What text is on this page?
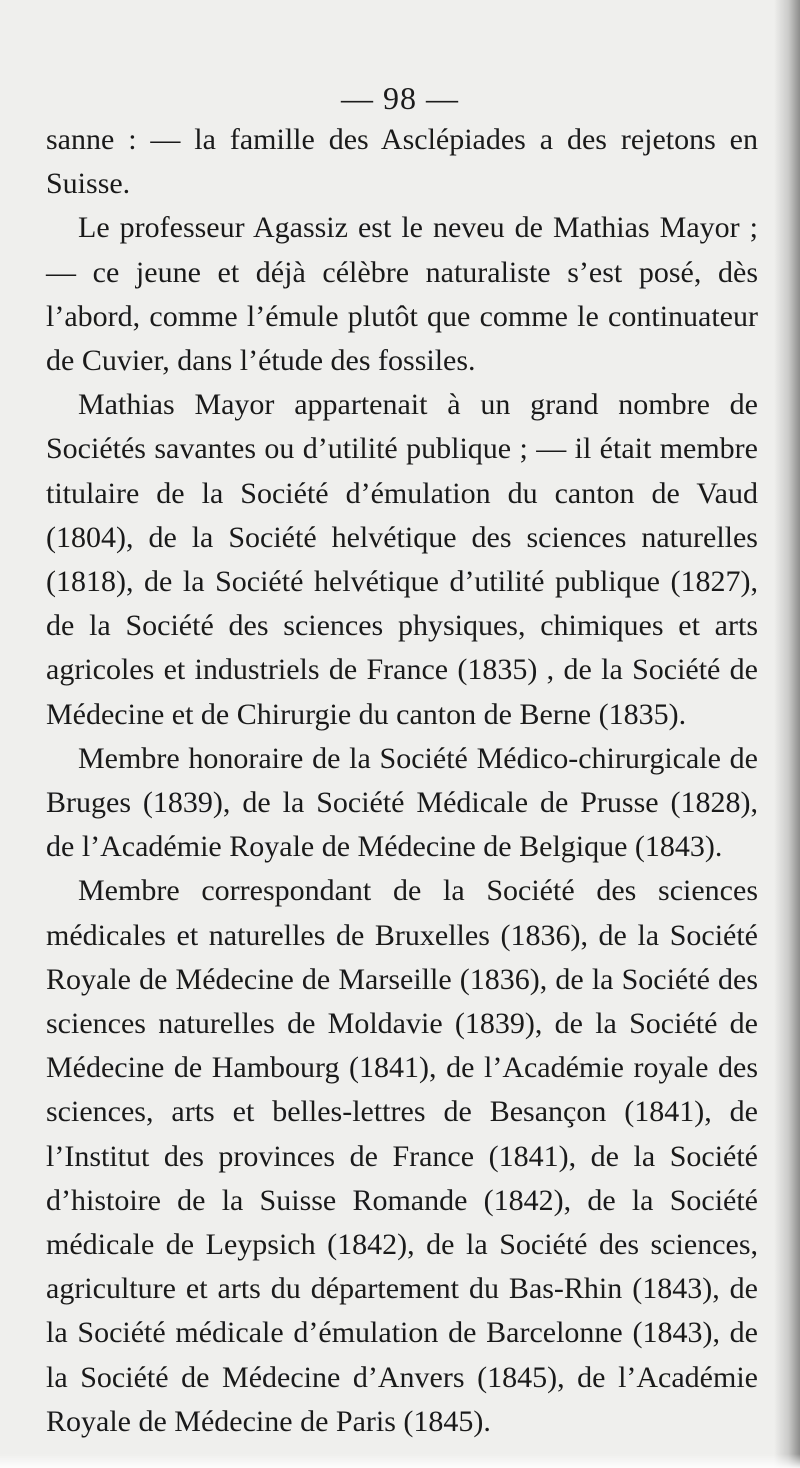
— 98 —

sanne : — la famille des Asclépiades a des rejetons en Suisse.

Le professeur Agassiz est le neveu de Mathias Mayor ; — ce jeune et déjà célèbre naturaliste s’est posé, dès l’abord, comme l’émule plutôt que comme le continuateur de Cuvier, dans l’étude des fossiles.

Mathias Mayor appartenait à un grand nombre de Sociétés savantes ou d’utilité publique ; — il était membre titulaire de la Société d’émulation du canton de Vaud (1804), de la Société helvétique des sciences naturelles (1818), de la Société helvétique d’utilité publique (1827), de la Société des sciences physiques, chimiques et arts agricoles et industriels de France (1835) , de la Société de Médecine et de Chirurgie du canton de Berne (1835).

Membre honoraire de la Société Médico-chirurgicale de Bruges (1839), de la Société Médicale de Prusse (1828), de l’Académie Royale de Médecine de Belgique (1843).

Membre correspondant de la Société des sciences médicales et naturelles de Bruxelles (1836), de la Société Royale de Médecine de Marseille (1836), de la Société des sciences naturelles de Moldavie (1839), de la Société de Médecine de Hambourg (1841), de l’Académie royale des sciences, arts et belles-lettres de Besançon (1841), de l’Institut des provinces de France (1841), de la Société d’histoire de la Suisse Romande (1842), de la Société médicale de Leypsich (1842), de la Société des sciences, agriculture et arts du département du Bas-Rhin (1843), de la Société médicale d’émulation de Barcelonne (1843), de la Société de Médecine d’Anvers (1845), de l’Académie Royale de Médecine de Paris (1845).
